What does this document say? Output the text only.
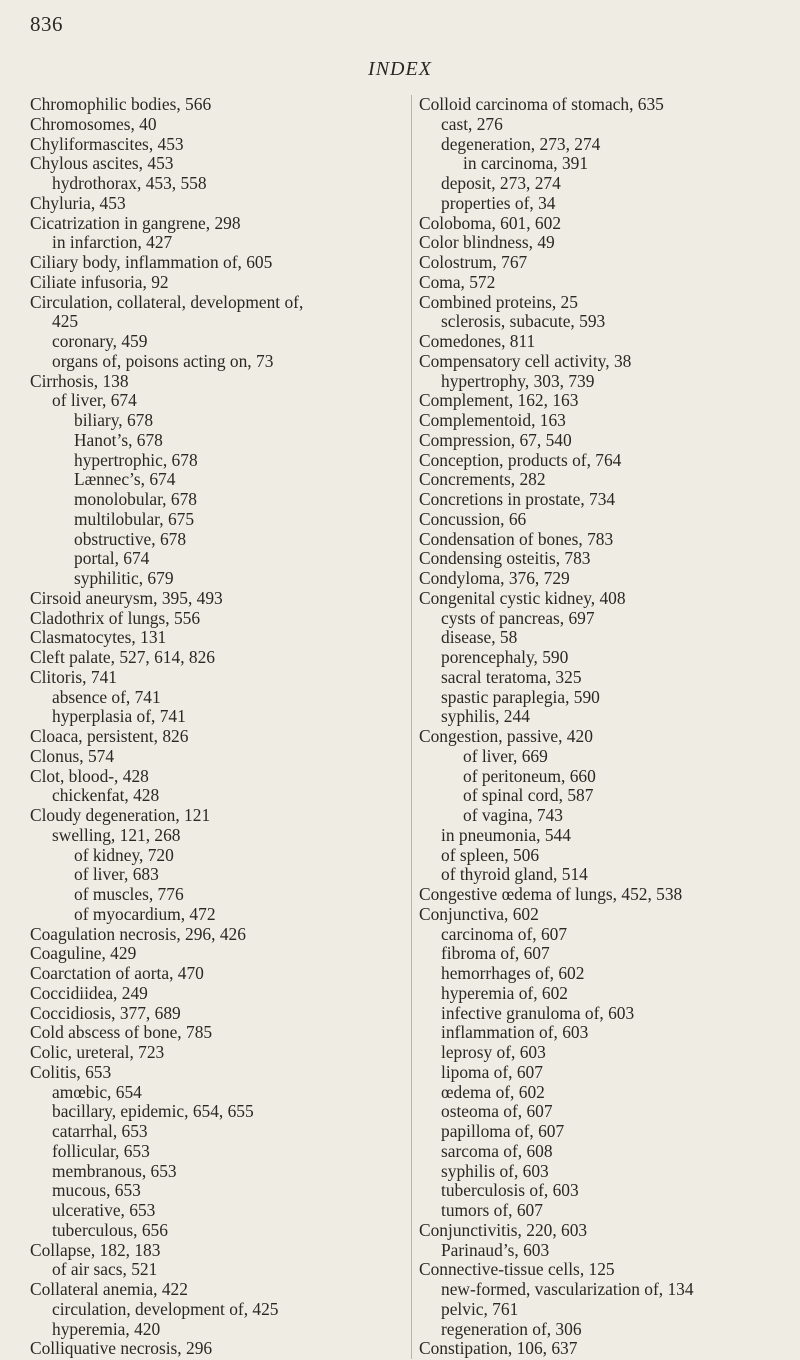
836
INDEX
Chromophilic bodies, 566
Chromosomes, 40
Chyliformascites, 453
Chylous ascites, 453
hydrothorax, 453, 558
Chyluria, 453
Cicatrization in gangrene, 298
in infarction, 427
Ciliary body, inflammation of, 605
Ciliate infusoria, 92
Circulation, collateral, development of,
425
coronary, 459
organs of, poisons acting on, 73
Cirrhosis, 138
of liver, 674
biliary, 678
Hanot’s, 678
hypertrophic, 678
Lænnec’s, 674
monolobular, 678
multilobular, 675
obstructive, 678
portal, 674
syphilitic, 679
Cirsoid aneurysm, 395, 493
Cladothrix of lungs, 556
Clasmatocytes, 131
Cleft palate, 527, 614, 826
Clitoris, 741
absence of, 741
hyperplasia of, 741
Cloaca, persistent, 826
Clonus, 574
Clot, blood-, 428
chickenfat, 428
Cloudy degeneration, 121
swelling, 121, 268
of kidney, 720
of liver, 683
of muscles, 776
of myocardium, 472
Coagulation necrosis, 296, 426
Coaguline, 429
Coarctation of aorta, 470
Coccidiidea, 249
Coccidiosis, 377, 689
Cold abscess of bone, 785
Colic, ureteral, 723
Colitis, 653
amœbic, 654
bacillary, epidemic, 654, 655
catarrhal, 653
follicular, 653
membranous, 653
mucous, 653
ulcerative, 653
tuberculous, 656
Collapse, 182, 183
of air sacs, 521
Collateral anemia, 422
circulation, development of, 425
hyperemia, 420
Colliquative necrosis, 296
Colloid carcinoma of stomach, 635
cast, 276
degeneration, 273, 274
in carcinoma, 391
deposit, 273, 274
properties of, 34
Coloboma, 601, 602
Color blindness, 49
Colostrum, 767
Coma, 572
Combined proteins, 25
sclerosis, subacute, 593
Comedones, 811
Compensatory cell activity, 38
hypertrophy, 303, 739
Complement, 162, 163
Complementoid, 163
Compression, 67, 540
Conception, products of, 764
Concrements, 282
Concretions in prostate, 734
Concussion, 66
Condensation of bones, 783
Condensing osteitis, 783
Condyloma, 376, 729
Congenital cystic kidney, 408
cysts of pancreas, 697
disease, 58
porencephaly, 590
sacral teratoma, 325
spastic paraplegia, 590
syphilis, 244
Congestion, passive, 420
of liver, 669
of peritoneum, 660
of spinal cord, 587
of vagina, 743
in pneumonia, 544
of spleen, 506
of thyroid gland, 514
Congestive œdema of lungs, 452, 538
Conjunctiva, 602
carcinoma of, 607
fibroma of, 607
hemorrhages of, 602
hyperemia of, 602
infective granuloma of, 603
inflammation of, 603
leprosy of, 603
lipoma of, 607
œdema of, 602
osteoma of, 607
papilloma of, 607
sarcoma of, 608
syphilis of, 603
tuberculosis of, 603
tumors of, 607
Conjunctivitis, 220, 603
Parinaud’s, 603
Connective-tissue cells, 125
new-formed, vascularization of, 134
pelvic, 761
regeneration of, 306
Constipation, 106, 637
